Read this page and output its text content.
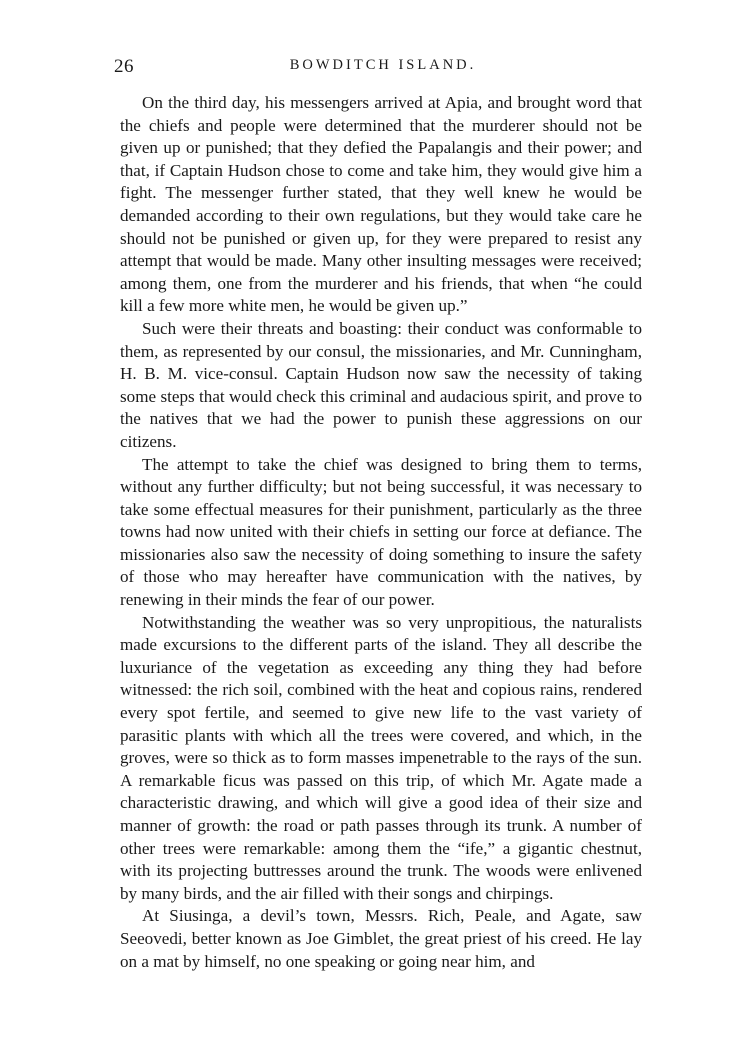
26	BOWDITCH ISLAND.

On the third day, his messengers arrived at Apia, and brought word that the chiefs and people were determined that the murderer should not be given up or punished; that they defied the Papalangis and their power; and that, if Captain Hudson chose to come and take him, they would give him a fight. The messenger further stated, that they well knew he would be demanded according to their own regulations, but they would take care he should not be punished or given up, for they were prepared to resist any attempt that would be made. Many other insulting messages were received; among them, one from the murderer and his friends, that when “he could kill a few more white men, he would be given up.”

Such were their threats and boasting: their conduct was conformable to them, as represented by our consul, the missionaries, and Mr. Cunningham, H. B. M. vice-consul. Captain Hudson now saw the necessity of taking some steps that would check this criminal and audacious spirit, and prove to the natives that we had the power to punish these aggressions on our citizens.

The attempt to take the chief was designed to bring them to terms, without any further difficulty; but not being successful, it was necessary to take some effectual measures for their punishment, particularly as the three towns had now united with their chiefs in setting our force at defiance. The missionaries also saw the necessity of doing something to insure the safety of those who may hereafter have communication with the natives, by renewing in their minds the fear of our power.

Notwithstanding the weather was so very unpropitious, the naturalists made excursions to the different parts of the island. They all describe the luxuriance of the vegetation as exceeding any thing they had before witnessed: the rich soil, combined with the heat and copious rains, rendered every spot fertile, and seemed to give new life to the vast variety of parasitic plants with which all the trees were covered, and which, in the groves, were so thick as to form masses impenetrable to the rays of the sun. A remarkable ficus was passed on this trip, of which Mr. Agate made a characteristic drawing, and which will give a good idea of their size and manner of growth: the road or path passes through its trunk. A number of other trees were remarkable: among them the “ife,” a gigantic chestnut, with its projecting buttresses around the trunk. The woods were enlivened by many birds, and the air filled with their songs and chirpings.

At Siusinga, a devil’s town, Messrs. Rich, Peale, and Agate, saw Seeovedi, better known as Joe Gimblet, the great priest of his creed. He lay on a mat by himself, no one speaking or going near him, and
